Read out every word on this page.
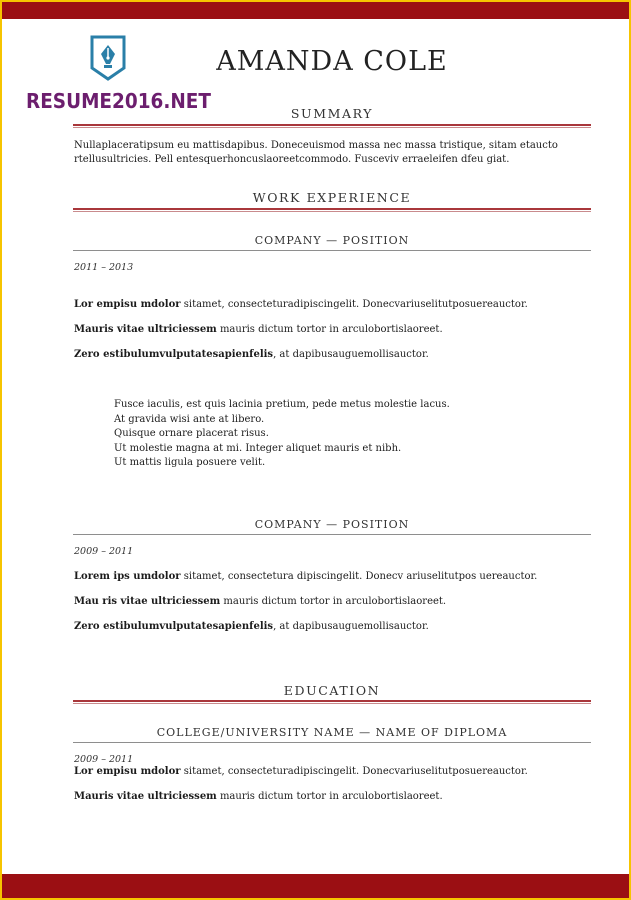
RESUME2016.NET
AMANDA COLE
SUMMARY
Nullaplaceratipsum eu mattisdapibus. Doneceuismod massa nec massa tristique, sitam etaucto rtellusultricies. Pell entesquerhoncuslaoreetcommodo. Fusceviv erraeleifen dfeu giat.
WORK EXPERIENCE
COMPANY — POSITION
2011 – 2013
Lor empisu mdolor sitamet, consecteturadipiscingelit. Donecvariuselitutposuereauctor.
Mauris vitae ultriciessem mauris dictum tortor in arculobortislaoreet.
Zero estibulumvulputatesapienfelis, at dapibusauguemollisauctor.
Fusce iaculis, est quis lacinia pretium, pede metus molestie lacus.
At gravida wisi ante at libero.
Quisque ornare placerat risus.
Ut molestie magna at mi. Integer aliquet mauris et nibh.
Ut mattis ligula posuere velit.
COMPANY — POSITION
2009 – 2011
Lorem ips umdolor sitamet, consectetura dipiscingelit. Donecv ariuselitutpos uereauctor.
Mau ris vitae ultriciessem mauris dictum tortor in arculobortislaoreet.
Zero estibulumvulputatesapienfelis, at dapibusauguemollisauctor.
EDUCATION
COLLEGE/UNIVERSITY NAME — NAME OF DIPLOMA
2009 – 2011
Lor empisu mdolor sitamet, consecteturadipiscingelit. Donecvariuselitutposuereauctor.
Mauris vitae ultriciessem mauris dictum tortor in arculobortislaoreet.
